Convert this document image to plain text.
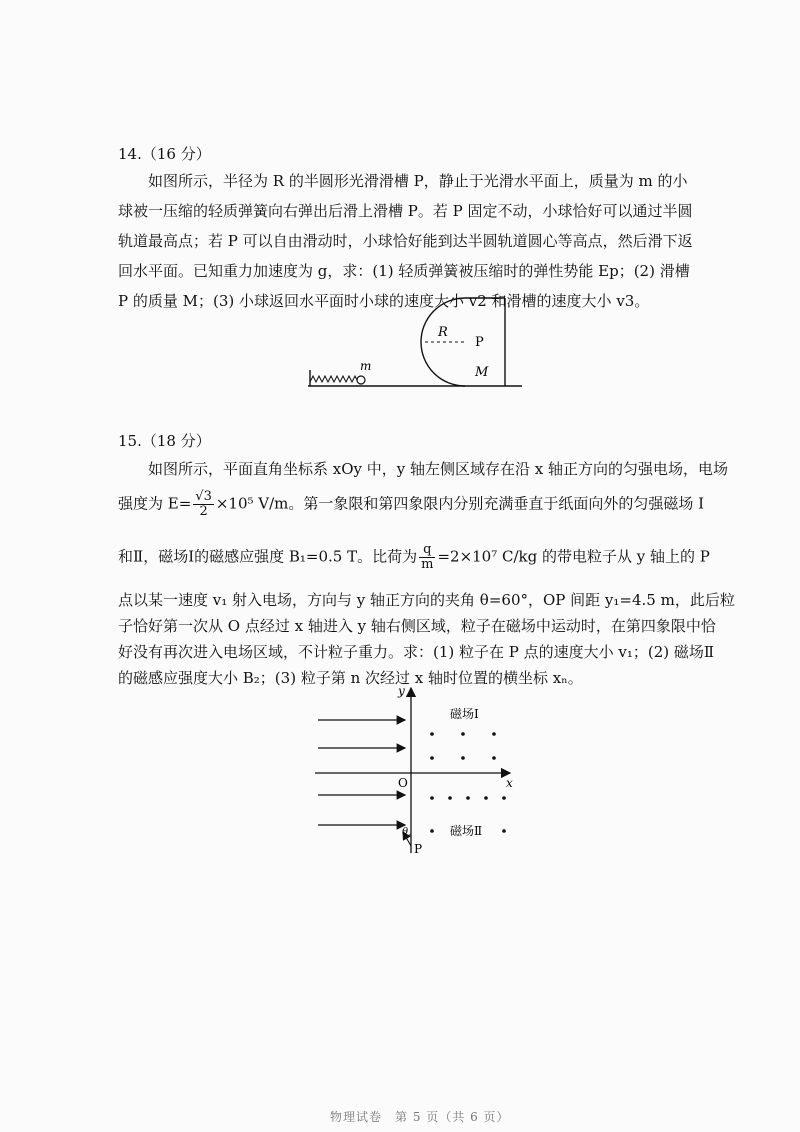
14.（16 分）
如图所示，半径为 R 的半圆形光滑滑槽 P，静止于光滑水平面上，质量为 m 的小球被一压缩的轻质弹簧向右弹出后滑上滑槽 P。若 P 固定不动，小球恰好可以通过半圆轨道最高点；若 P 可以自由滑动时，小球恰好能到达半圆轨道圆心等高点，然后滑下返回水平面。已知重力加速度为 g，求：(1) 轻质弹簧被压缩时的弹性势能 Ep；(2) 滑槽 P 的质量 M；(3) 小球返回水平面时小球的速度大小 v2 和滑槽的速度大小 v3。
m
R
P
M
15.（18 分）
如图所示，平面直角坐标系 xOy 中，y 轴左侧区域存在沿 x 轴正方向的匀强电场，电场
强度为 $E= \frac{√3}{2} \times 10^5$ V/m。第一象限和第四象限内分别充满垂直于纸面向外的匀强磁场 Ⅰ
和Ⅱ，磁场Ⅰ的磁感应强度 B₁=0.5 T。比荷为 $\frac{q}{m} =2\times 10^7$ C/kg 的带电粒子从 y 轴上的 P
点以某一速度 v₁ 射入电场，方向与 y 轴正方向的夹角 θ=60°，OP 间距 y₁=4.5 m，此后粒
子恰好第一次从 O 点经过 x 轴进入 y 轴右侧区域，粒子在磁场中运动时，在第四象限中恰
好没有再次进入电场区域，不计粒子重力。求：(1) 粒子在 P 点的速度大小 v₁；(2) 磁场Ⅱ
的磁感应强度大小 B₂；(3) 粒子第 n 次经过 x 轴时位置的横坐标 xₙ。
y
x
O
磁场Ⅰ
磁场Ⅱ
θ
P
物理试卷　第 5 页（共 6 页）
